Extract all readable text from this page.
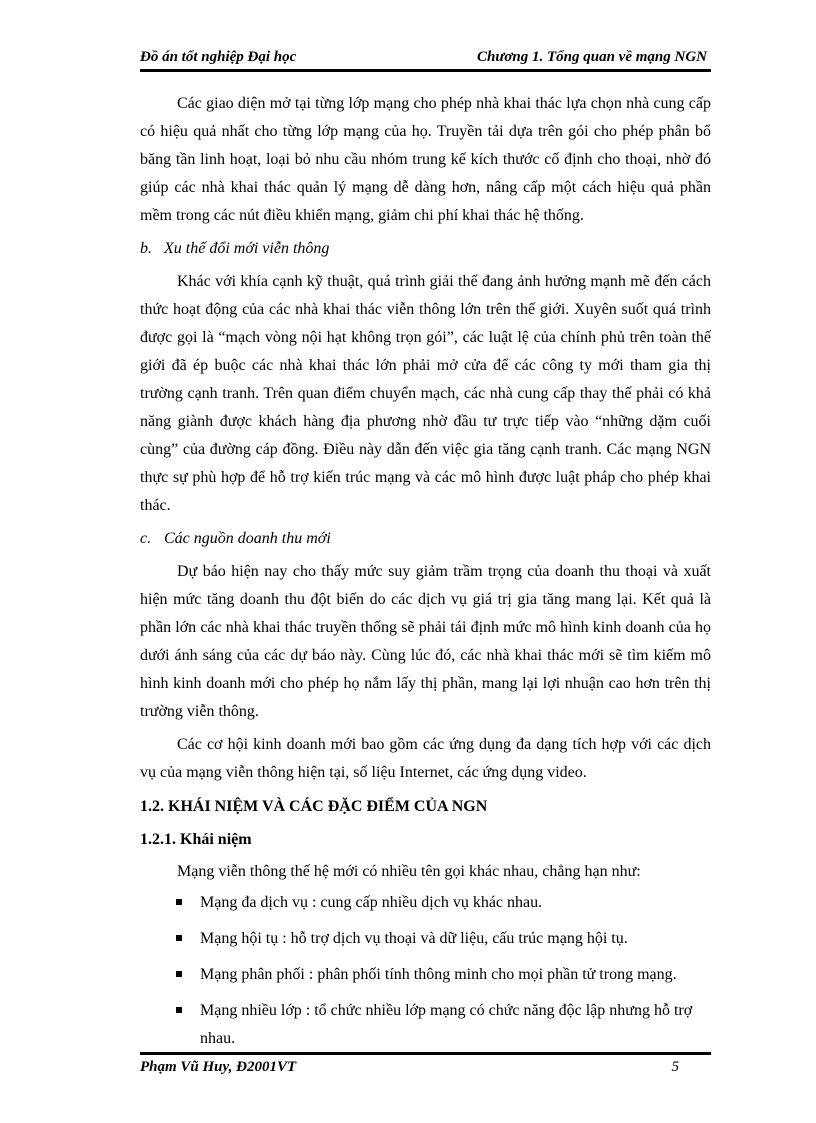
Đồ án tốt nghiệp Đại học	Chương 1. Tổng quan về mạng NGN

Các giao diện mở tại từng lớp mạng cho phép nhà khai thác lựa chọn nhà cung cấp có hiệu quả nhất cho từng lớp mạng của họ. Truyền tải dựa trên gói cho phép phân bổ băng tần linh hoạt, loại bỏ nhu cầu nhóm trung kế kích thước cố định cho thoại, nhờ đó giúp các nhà khai thác quản lý mạng dễ dàng hơn, nâng cấp một cách hiệu quả phần mềm trong các nút điều khiển mạng, giảm chi phí khai thác hệ thống.

b. Xu thế đổi mới viễn thông

Khác với khía cạnh kỹ thuật, quá trình giải thể đang ảnh hưởng mạnh mẽ đến cách thức hoạt động của các nhà khai thác viễn thông lớn trên thế giới. Xuyên suốt quá trình được gọi là “mạch vòng nội hạt không trọn gói”, các luật lệ của chính phủ trên toàn thế giới đã ép buộc các nhà khai thác lớn phải mở cửa để các công ty mới tham gia thị trường cạnh tranh. Trên quan điểm chuyển mạch, các nhà cung cấp thay thế phải có khả năng giành được khách hàng địa phương nhờ đầu tư trực tiếp vào “những dặm cuối cùng” của đường cáp đồng. Điều này dẫn đến việc gia tăng cạnh tranh. Các mạng NGN thực sự phù hợp để hỗ trợ kiến trúc mạng và các mô hình được luật pháp cho phép khai thác.

c. Các nguồn doanh thu mới

Dự báo hiện nay cho thấy mức suy giảm trầm trọng của doanh thu thoại và xuất hiện mức tăng doanh thu đột biến do các dịch vụ giá trị gia tăng mang lại. Kết quả là phần lớn các nhà khai thác truyền thống sẽ phải tái định mức mô hình kinh doanh của họ dưới ánh sáng của các dự báo này. Cùng lúc đó, các nhà khai thác mới sẽ tìm kiếm mô hình kinh doanh mới cho phép họ nắm lấy thị phần, mang lại lợi nhuận cao hơn trên thị trường viễn thông.

Các cơ hội kinh doanh mới bao gồm các ứng dụng đa dạng tích hợp với các dịch vụ của mạng viễn thông hiện tại, số liệu Internet, các ứng dụng video.

1.2. KHÁI NIỆM VÀ CÁC ĐẶC ĐIỂM CỦA NGN
1.2.1. Khái niệm
Mạng viễn thông thế hệ mới có nhiều tên gọi khác nhau, chẳng hạn như:
Mạng đa dịch vụ : cung cấp nhiều dịch vụ khác nhau.
Mạng hội tụ : hỗ trợ dịch vụ thoại và dữ liệu, cấu trúc mạng hội tụ.
Mạng phân phối : phân phối tính thông minh cho mọi phần tử trong mạng.
Mạng nhiều lớp : tổ chức nhiều lớp mạng có chức năng độc lập nhưng hỗ trợ nhau.
Phạm Vũ Huy, Đ2001VT	5
